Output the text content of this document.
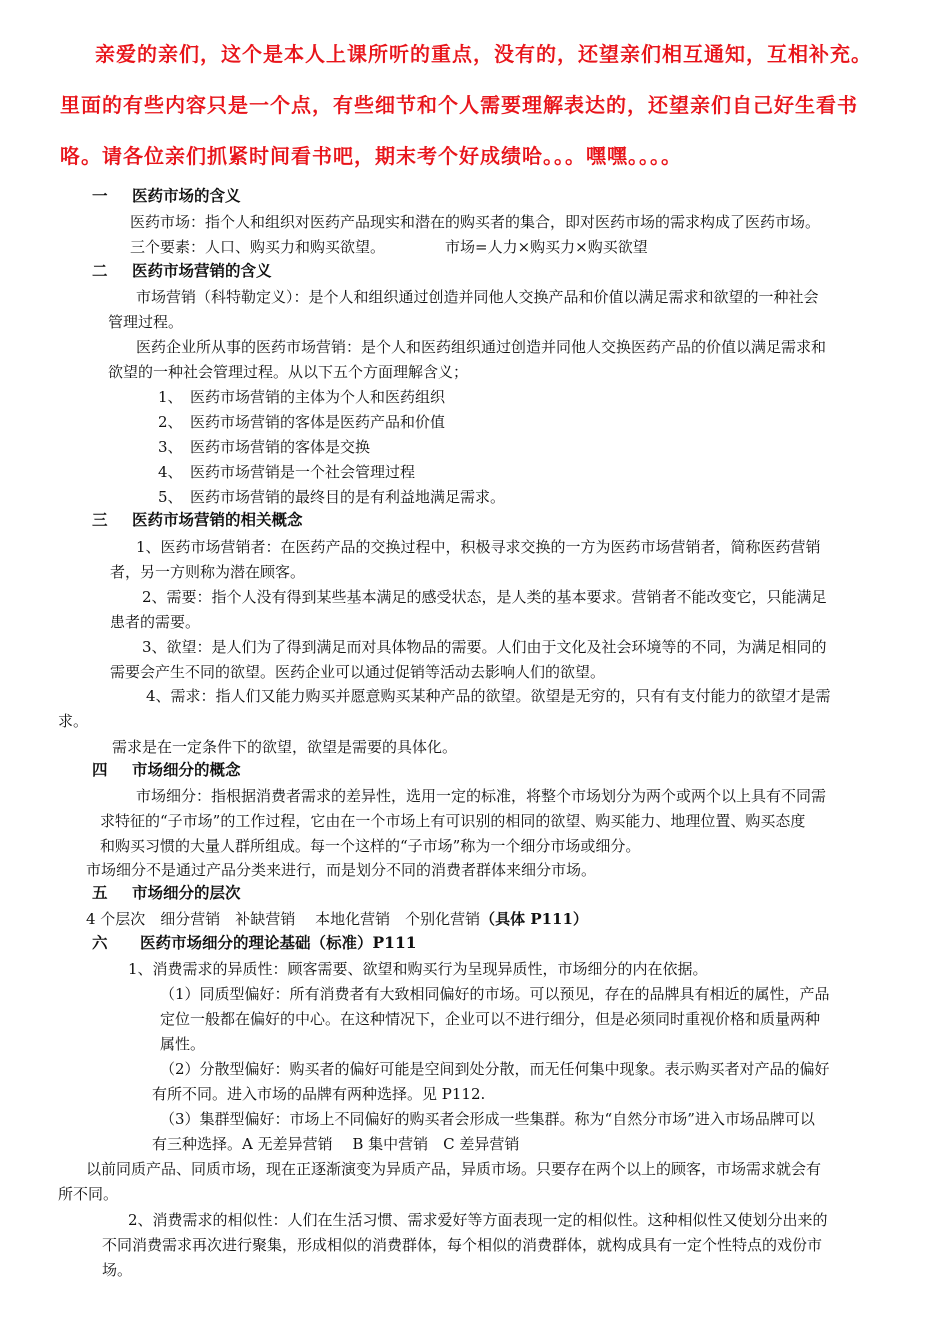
亲爱的亲们，这个是本人上课所听的重点，没有的，还望亲们相互通知，互相补充。
里面的有些内容只是一个点，有些细节和个人需要理解表达的，还望亲们自己好生看书
咯。请各位亲们抓紧时间看书吧，期末考个好成绩哈。。。嘿嘿。。。。
一 医药市场的含义
医药市场：指个人和组织对医药产品现实和潜在的购买者的集合，即对医药市场的需求构成了医药市场。
三个要素：人口、购买力和购买欲望。	市场=人力×购买力×购买欲望
二 医药市场营销的含义
市场营销（科特勒定义）：是个人和组织通过创造并同他人交换产品和价值以满足需求和欲望的一种社会
管理过程。
医药企业所从事的医药市场营销：是个人和医药组织通过创造并同他人交换医药产品的价值以满足需求和
欲望的一种社会管理过程。从以下五个方面理解含义；
1、　医药市场营销的主体为个人和医药组织
2、　医药市场营销的客体是医药产品和价值
3、　医药市场营销的客体是交换
4、　医药市场营销是一个社会管理过程
5、　医药市场营销的最终目的是有利益地满足需求。
三 医药市场营销的相关概念
1、医药市场营销者：在医药产品的交换过程中，积极寻求交换的一方为医药市场营销者，简称医药营销
者，另一方则称为潜在顾客。
2、需要：指个人没有得到某些基本满足的感受状态，是人类的基本要求。营销者不能改变它，只能满足
患者的需要。
3、欲望：是人们为了得到满足而对具体物品的需要。人们由于文化及社会环境等的不同，为满足相同的
需要会产生不同的欲望。医药企业可以通过促销等活动去影响人们的欲望。
4、需求：指人们又能力购买并愿意购买某种产品的欲望。欲望是无穷的，只有有支付能力的欲望才是需
求。
需求是在一定条件下的欲望，欲望是需要的具体化。
四 市场细分的概念
市场细分：指根据消费者需求的差异性，选用一定的标准，将整个市场划分为两个或两个以上具有不同需
求特征的“子市场”的工作过程，它由在一个市场上有可识别的相同的欲望、购买能力、地理位置、购买态度
和购买习惯的大量人群所组成。每一个这样的“子市场”称为一个细分市场或细分。
市场细分不是通过产品分类来进行，而是划分不同的消费者群体来细分市场。
五 市场细分的层次
4 个层次　细分营销　补缺营销　 本地化营销　个别化营销（具体 P111）
六 医药市场细分的理论基础（标准）P111
1、消费需求的异质性：顾客需要、欲望和购买行为呈现异质性，市场细分的内在依据。
（1）同质型偏好：所有消费者有大致相同偏好的市场。可以预见，存在的品牌具有相近的属性，产品
定位一般都在偏好的中心。在这种情况下，企业可以不进行细分，但是必须同时重视价格和质量两种
属性。
（2）分散型偏好：购买者的偏好可能是空间到处分散，而无任何集中现象。表示购买者对产品的偏好
有所不同。进入市场的品牌有两种选择。见 P112.
（3）集群型偏好：市场上不同偏好的购买者会形成一些集群。称为“自然分市场”进入市场品牌可以
有三种选择。A 无差异营销　 B 集中营销　C 差异营销
以前同质产品、同质市场，现在正逐渐演变为异质产品，异质市场。只要存在两个以上的顾客，市场需求就会有
所不同。
2、消费需求的相似性：人们在生活习惯、需求爱好等方面表现一定的相似性。这种相似性又使划分出来的
不同消费需求再次进行聚集，形成相似的消费群体，每个相似的消费群体，就构成具有一定个性特点的戏份市
场。
